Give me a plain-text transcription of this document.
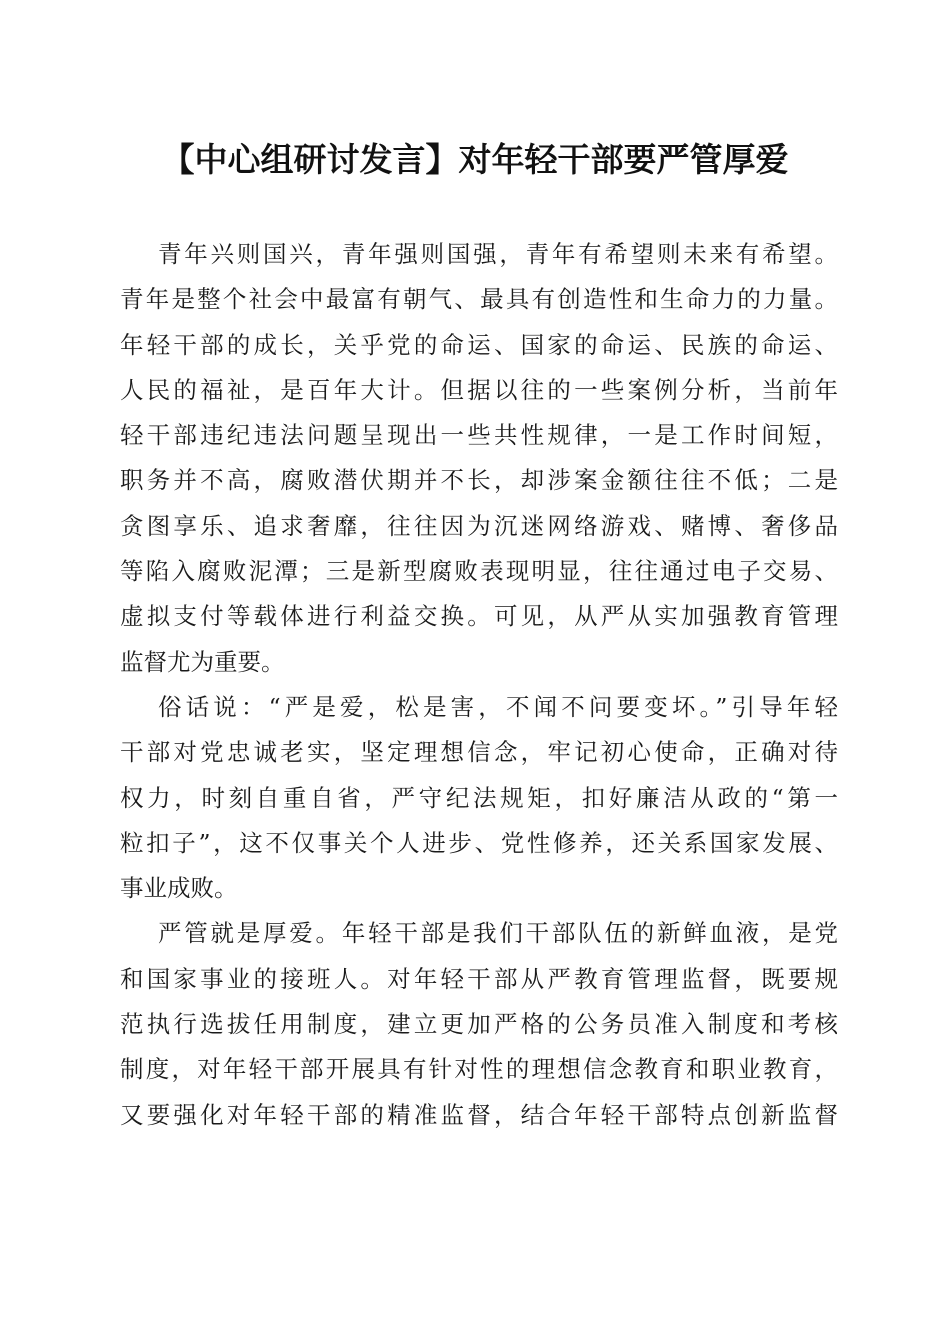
【中心组研讨发言】对年轻干部要严管厚爱
青年兴则国兴，青年强则国强，青年有希望则未来有希望。
青年是整个社会中最富有朝气、最具有创造性和生命力的力量。
年轻干部的成长，关乎党的命运、国家的命运、民族的命运、
人民的福祉，是百年大计。但据以往的一些案例分析，当前年
轻干部违纪违法问题呈现出一些共性规律，一是工作时间短，
职务并不高，腐败潜伏期并不长，却涉案金额往往不低；二是
贪图享乐、追求奢靡，往往因为沉迷网络游戏、赌博、奢侈品
等陷入腐败泥潭；三是新型腐败表现明显，往往通过电子交易、
虚拟支付等载体进行利益交换。可见，从严从实加强教育管理
监督尤为重要。
俗话说：“严是爱，松是害，不闻不问要变坏。”引导年轻
干部对党忠诚老实，坚定理想信念，牢记初心使命，正确对待
权力，时刻自重自省，严守纪法规矩，扣好廉洁从政的“第一
粒扣子”，这不仅事关个人进步、党性修养，还关系国家发展、
事业成败。
严管就是厚爱。年轻干部是我们干部队伍的新鲜血液，是党
和国家事业的接班人。对年轻干部从严教育管理监督，既要规
范执行选拔任用制度，建立更加严格的公务员准入制度和考核
制度，对年轻干部开展具有针对性的理想信念教育和职业教育，
又要强化对年轻干部的精准监督，结合年轻干部特点创新监督
